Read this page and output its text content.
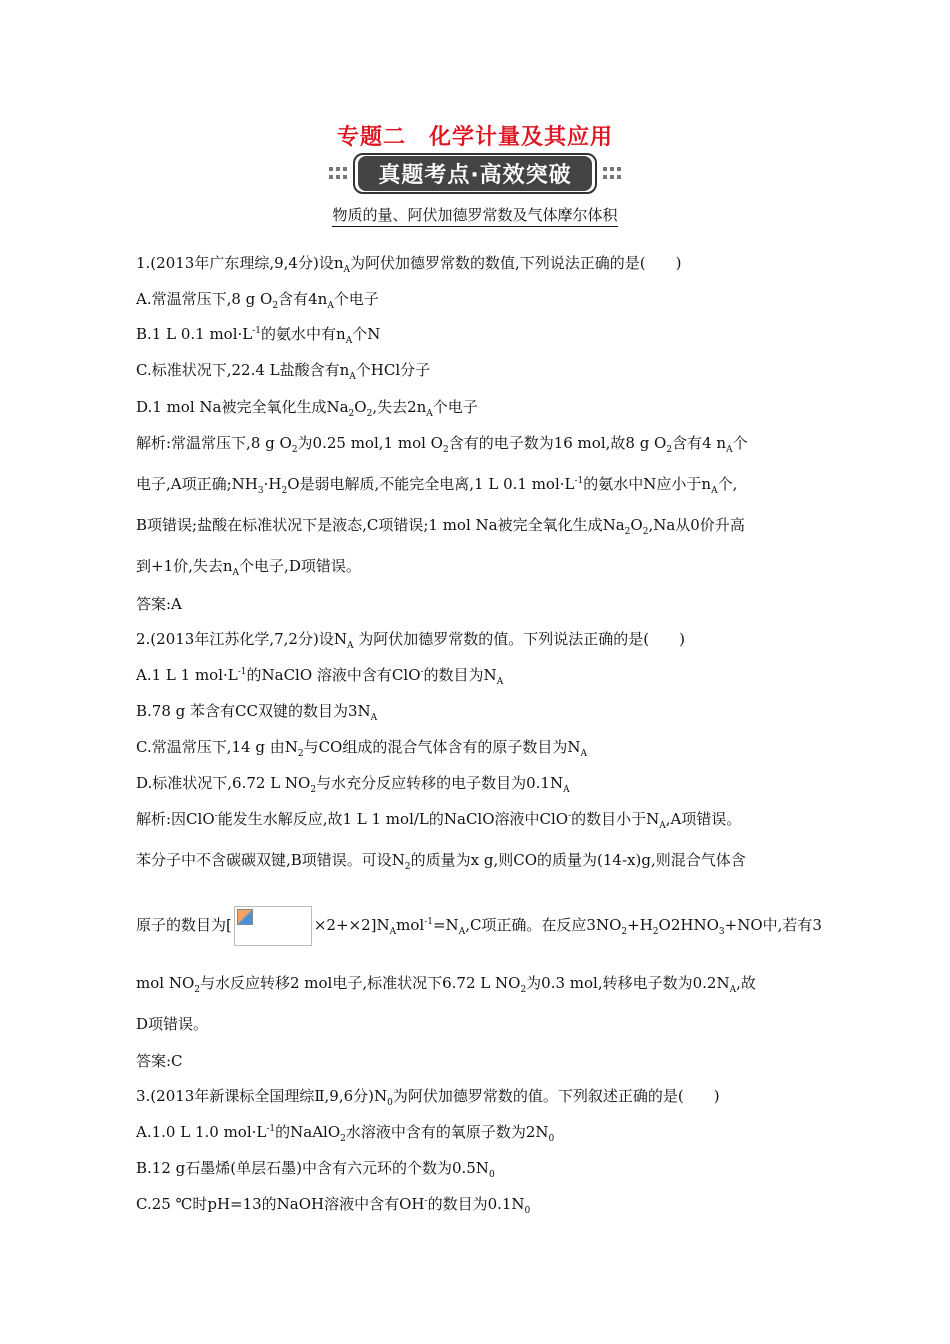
专题二　化学计量及其应用
真题考点·高效突破
物质的量、阿伏加德罗常数及气体摩尔体积
1.(2013年广东理综,9,4分)设$n_A$为阿伏加德罗常数的数值,下列说法正确的是(　　)
A.常温常压下,8 g $O_2$含有$4n_A$个电子
B.1 L 0.1 $mol\cdot L^{-1}$的氨水中有$n_A$个N
C.标准状况下,22.4 L盐酸含有$n_A$个HCl分子
D.1 mol Na被完全氧化生成$Na_2O_2$,失去$2n_A$个电子
解析:常温常压下,8 g $O_2$为0.25 mol,1 mol $O_2$含有的电子数为16 mol,故8 g $O_2$含有4 $n_A$个
电子,A项正确$;NH_3\cdot H_2O$是弱电解质,不能完全电离,1 L 0.1 $mol\cdot L^{-1}$的氨水中N应小于$n_A$个,
B项错误;盐酸在标准状况下是液态,C项错误;1 mol Na被完全氧化生成$Na_2O_2,Na$从0价升高
到+1价,失去$n_A$个电子,D项错误。
答案:A
2.(2013年江苏化学,7,2分)设$N_A$ 为阿伏加德罗常数的值。下列说法正确的是(　　)
A.1 L 1 $mol\cdot L^{-1}$的NaClO 溶液中含有ClO-的数目为$N_A$
B.78 g 苯含有CC双键的数目为$3N_A$
C.常温常压下,14 g 由$N_2$与CO组成的混合气体含有的原子数目为$N_A$
D.标准状况下,6.72 L $NO_2$与水充分反应转移的电子数目为$0.1N_A$
解析:因ClO-能发生水解反应,故1 L 1 mol/L的NaClO溶液中ClO-的数目小于$N_A,A$项错误。
苯分子中不含碳碳双键,B项错误。可设$N_2$的质量为x g,则CO的质量为(14-x)g,则混合气体含
原子的数目为[	$\times 2+\times 2]N_Amol^{-1}=N_A,C$项正确。在反应$3NO_2+H_2O2HNO_3+NO$中,若有3
mol $NO_2$与水反应转移2 mol电子,标准状况下6.72 L $NO_2$为0.3 mol,转移电子数为$0.2N_A$,故
D项错误。
答案:C
3.(2013年新课标全国理综Ⅱ,9,6分)$N_0$为阿伏加德罗常数的值。下列叙述正确的是(　　)
A.1.0 L 1.0 $mol\cdot L^{-1}$的NaAlO$_2$水溶液中含有的氧原子数为$2N_0$
B.12 g石墨烯(单层石墨)中含有六元环的个数为$0.5N_0$
C.25 ℃时pH=13的NaOH溶液中含有OH-的数目为$0.1N_0$
